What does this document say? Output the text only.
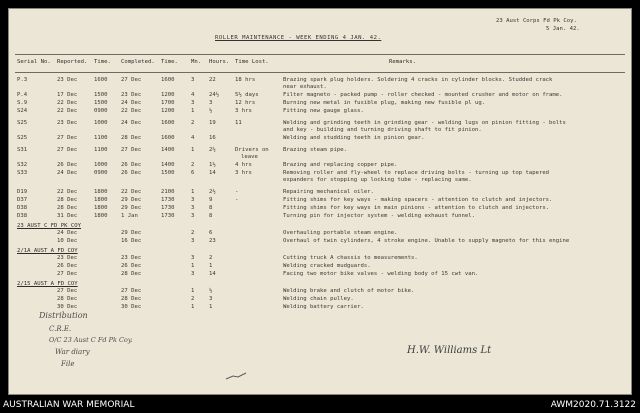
23 Aust Corps Fd Pk Coy.
5 Jan. 42.
ROLLER MAINTENANCE - WEEK ENDING 4 JAN. 42.
Serial No. Reported. Time. Completed. Time. Mn. Hours. Time Lost.	Remarks.
P.3	23 Dec	1600 27 Dec	1600	3	22	18 hrs	Brazing spark plug holders. Soldering 4 cracks in cylinder blocks. Studded crack
near exhaust.
P.4	17 Dec	1500 23 Dec	1200	4	24½	5½ days	Filter magneto - packed pump - roller checked - mounted crusher and motor on frame.
S.9	22 Dec	1500 24 Dec	1700	3	3	12 hrs	Burning new metal in fusible plug, making new fusible pl ug.
S24	22 Dec	0900 22 Dec	1200	1	½	3 hrs	Fitting new gauge glass.
S25	23 Dec	1000 24 Dec	1600	2	19	11	Welding and grinding teeth in grinding gear - welding lugs on pinion fitting - bolts
and key - building and turning driving shaft to fit pinion.
S25	27 Dec	1100 28 Dec	1600	4	16	Welding and studding teeth in pinion gear.
S31	27 Dec	1100 27 Dec	1400	1	2½	Drivers on	Brazing steam pipe.
leave
S32	26 Dec	1000 26 Dec	1400	2	1½	4 hrs	Brazing and replacing copper pipe.
S33	24 Dec	0900 26 Dec	1500	6	14	3 hrs	Removing roller and fly-wheel to replace driving bolts - turning up top tapered
expanders for stopping up locking tube - replacing same.
D19	22 Dec	1800 22 Dec	2100	1	2½	-	Repairing mechanical oiler.
D37	28 Dec	1800 29 Dec	1730	3	9	-	Fitting shims for key ways - making spacers - attention to clutch and injectors.
D38	28 Dec	1800 29 Dec	1730	3	8	Fitting shims for key ways in main pinions - attention to clutch and injectors.
D38	31 Dec	1800 1 Jan	1730	3	8	Turning pin for injector system - welding exhaust funnel.
23 AUST C FD PK COY
24 Dec	29 Dec	2	6	Overhauling portable steam engine.
10 Dec	16 Dec	3	23	Overhaul of twin cylinders, 4 stroke engine. Unable to supply magneto for this engine
2/1A AUST A FD COY
23 Dec	23 Dec	3	2	Cutting truck A chassis to measurements.
26 Dec	26 Dec	1	1	Welding cracked mudguards.
27 Dec	28 Dec	3	14	Facing two motor bike valves - welding body of 15 cwt van.
2/15 AUST A FD COY
27 Dec	27 Dec	1	½	Welding brake and clutch of motor bike.
28 Dec	28 Dec	2	3	Welding chain pulley.
30 Dec	30 Dec	1	1	Welding battery carrier.
Distribution
C.R.E.
O/C 23 Aust C Fd Pk Coy.
War diary
File
H.W. Williams Lt
AUSTRALIAN WAR MEMORIAL	AWM2020.71.3122
